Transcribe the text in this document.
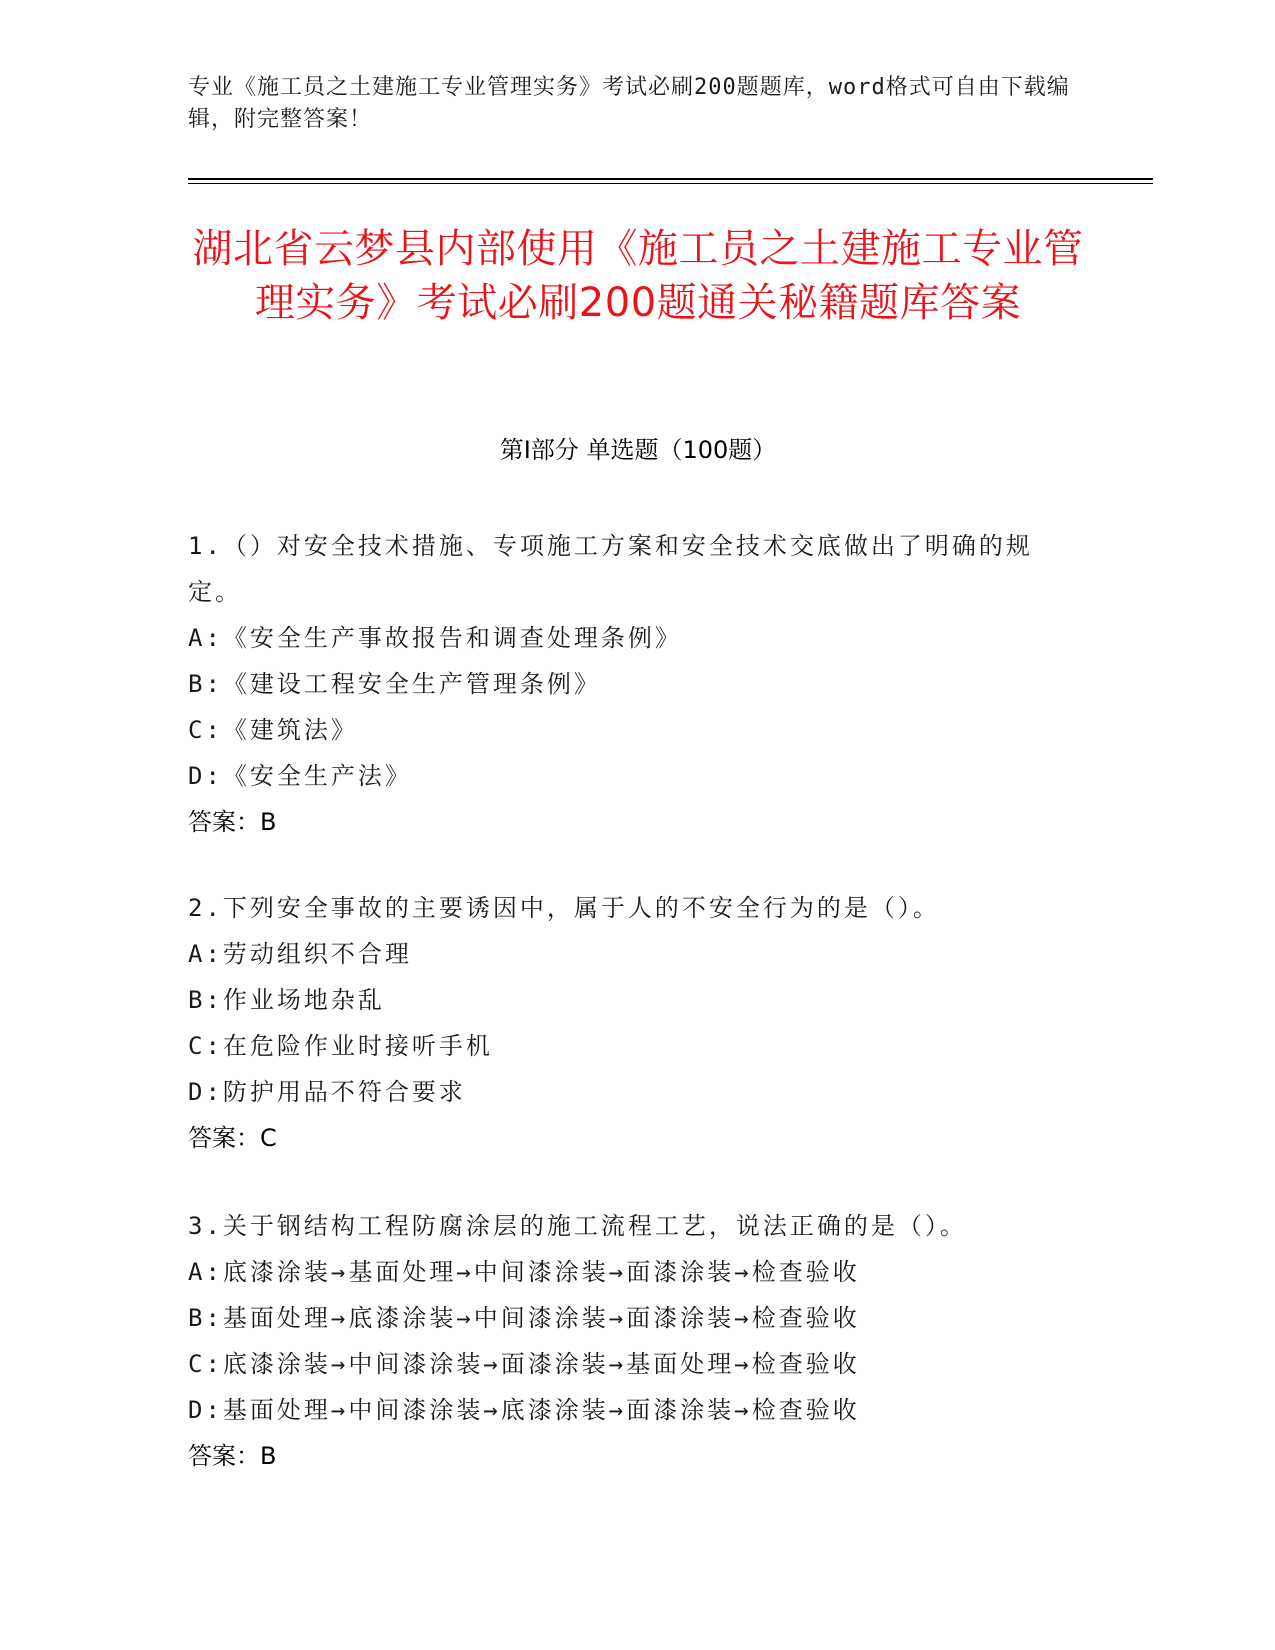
专业《施工员之土建施工专业管理实务》考试必刷200题题库，word格式可自由下载编辑，附完整答案！
湖北省云梦县内部使用《施工员之土建施工专业管理实务》考试必刷200题通关秘籍题库答案
第Ⅰ部分 单选题（100题）
1.（）对安全技术措施、专项施工方案和安全技术交底做出了明确的规定。
A:《安全生产事故报告和调查处理条例》
B:《建设工程安全生产管理条例》
C:《建筑法》
D:《安全生产法》
答案：B
2.下列安全事故的主要诱因中，属于人的不安全行为的是（）。
A:劳动组织不合理
B:作业场地杂乱
C:在危险作业时接听手机
D:防护用品不符合要求
答案：C
3.关于钢结构工程防腐涂层的施工流程工艺，说法正确的是（）。
A:底漆涂装→基面处理→中间漆涂装→面漆涂装→检查验收
B:基面处理→底漆涂装→中间漆涂装→面漆涂装→检查验收
C:底漆涂装→中间漆涂装→面漆涂装→基面处理→检查验收
D:基面处理→中间漆涂装→底漆涂装→面漆涂装→检查验收
答案：B
